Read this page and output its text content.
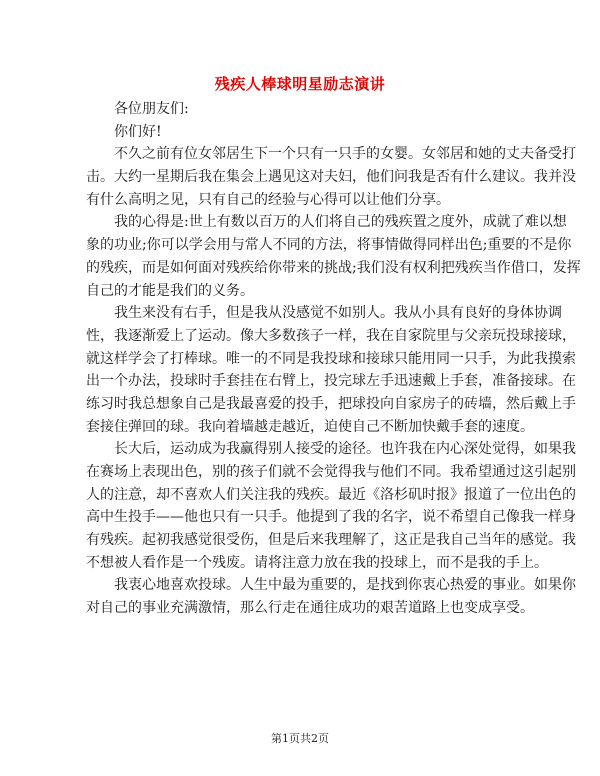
残疾人棒球明星励志演讲
各位朋友们:
你们好!
不久之前有位女邻居生下一个只有一只手的女婴。女邻居和她的丈夫备受打
击。大约一星期后我在集会上遇见这对夫妇，他们问我是否有什么建议。我并没
有什么高明之见，只有自己的经验与心得可以让他们分享。
我的心得是:世上有数以百万的人们将自己的残疾置之度外，成就了难以想
象的功业;你可以学会用与常人不同的方法，将事情做得同样出色;重要的不是你
的残疾，而是如何面对残疾给你带来的挑战;我们没有权利把残疾当作借口，发挥
自己的才能是我们的义务。
我生来没有右手，但是我从没感觉不如别人。我从小具有良好的身体协调
性，我逐渐爱上了运动。像大多数孩子一样，我在自家院里与父亲玩投球接球，
就这样学会了打棒球。唯一的不同是我投球和接球只能用同一只手，为此我摸索
出一个办法，投球时手套挂在右臂上，投完球左手迅速戴上手套，准备接球。在
练习时我总想象自己是我最喜爱的投手，把球投向自家房子的砖墙，然后戴上手
套接住弹回的球。我向着墙越走越近，迫使自己不断加快戴手套的速度。
长大后，运动成为我赢得别人接受的途径。也许我在内心深处觉得，如果我
在赛场上表现出色，别的孩子们就不会觉得我与他们不同。我希望通过这引起别
人的注意，却不喜欢人们关注我的残疾。最近《洛杉矶时报》报道了一位出色的
高中生投手——他也只有一只手。他提到了我的名字，说不希望自己像我一样身
有残疾。起初我感觉很受伤，但是后来我理解了，这正是我自己当年的感觉。我
不想被人看作是一个残废。请将注意力放在我的投球上，而不是我的手上。
我衷心地喜欢投球。人生中最为重要的，是找到你衷心热爱的事业。如果你
对自己的事业充满激情，那么行走在通往成功的艰苦道路上也变成享受。
第1页共2页
